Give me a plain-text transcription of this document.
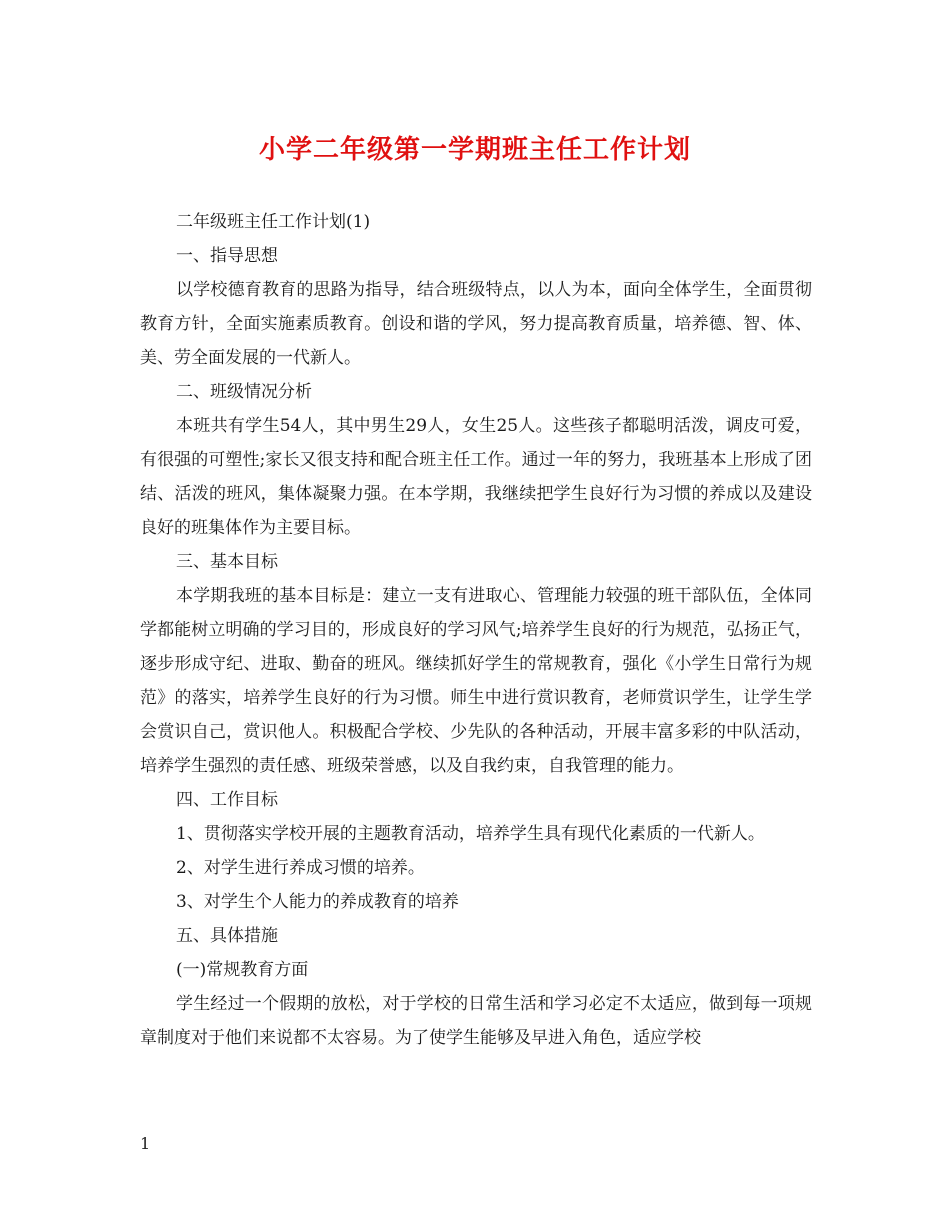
小学二年级第一学期班主任工作计划

二年级班主任工作计划(1)

一、指导思想

以学校德育教育的思路为指导，结合班级特点，以人为本，面向全体学生，全面贯彻教育方针，全面实施素质教育。创设和谐的学风，努力提高教育质量，培养德、智、体、美、劳全面发展的一代新人。

二、班级情况分析

本班共有学生54人，其中男生29人，女生25人。这些孩子都聪明活泼，调皮可爱，有很强的可塑性;家长又很支持和配合班主任工作。通过一年的努力，我班基本上形成了团结、活泼的班风，集体凝聚力强。在本学期，我继续把学生良好行为习惯的养成以及建设良好的班集体作为主要目标。

三、基本目标

本学期我班的基本目标是：建立一支有进取心、管理能力较强的班干部队伍，全体同学都能树立明确的学习目的，形成良好的学习风气;培养学生良好的行为规范，弘扬正气，逐步形成守纪、进取、勤奋的班风。继续抓好学生的常规教育，强化《小学生日常行为规范》的落实，培养学生良好的行为习惯。师生中进行赏识教育，老师赏识学生，让学生学会赏识自己，赏识他人。积极配合学校、少先队的各种活动，开展丰富多彩的中队活动，培养学生强烈的责任感、班级荣誉感，以及自我约束，自我管理的能力。

四、工作目标

1、贯彻落实学校开展的主题教育活动，培养学生具有现代化素质的一代新人。

2、对学生进行养成习惯的培养。

3、对学生个人能力的养成教育的培养

五、具体措施

(一)常规教育方面

学生经过一个假期的放松，对于学校的日常生活和学习必定不太适应，做到每一项规章制度对于他们来说都不太容易。为了使学生能够及早进入角色，适应学校

1
